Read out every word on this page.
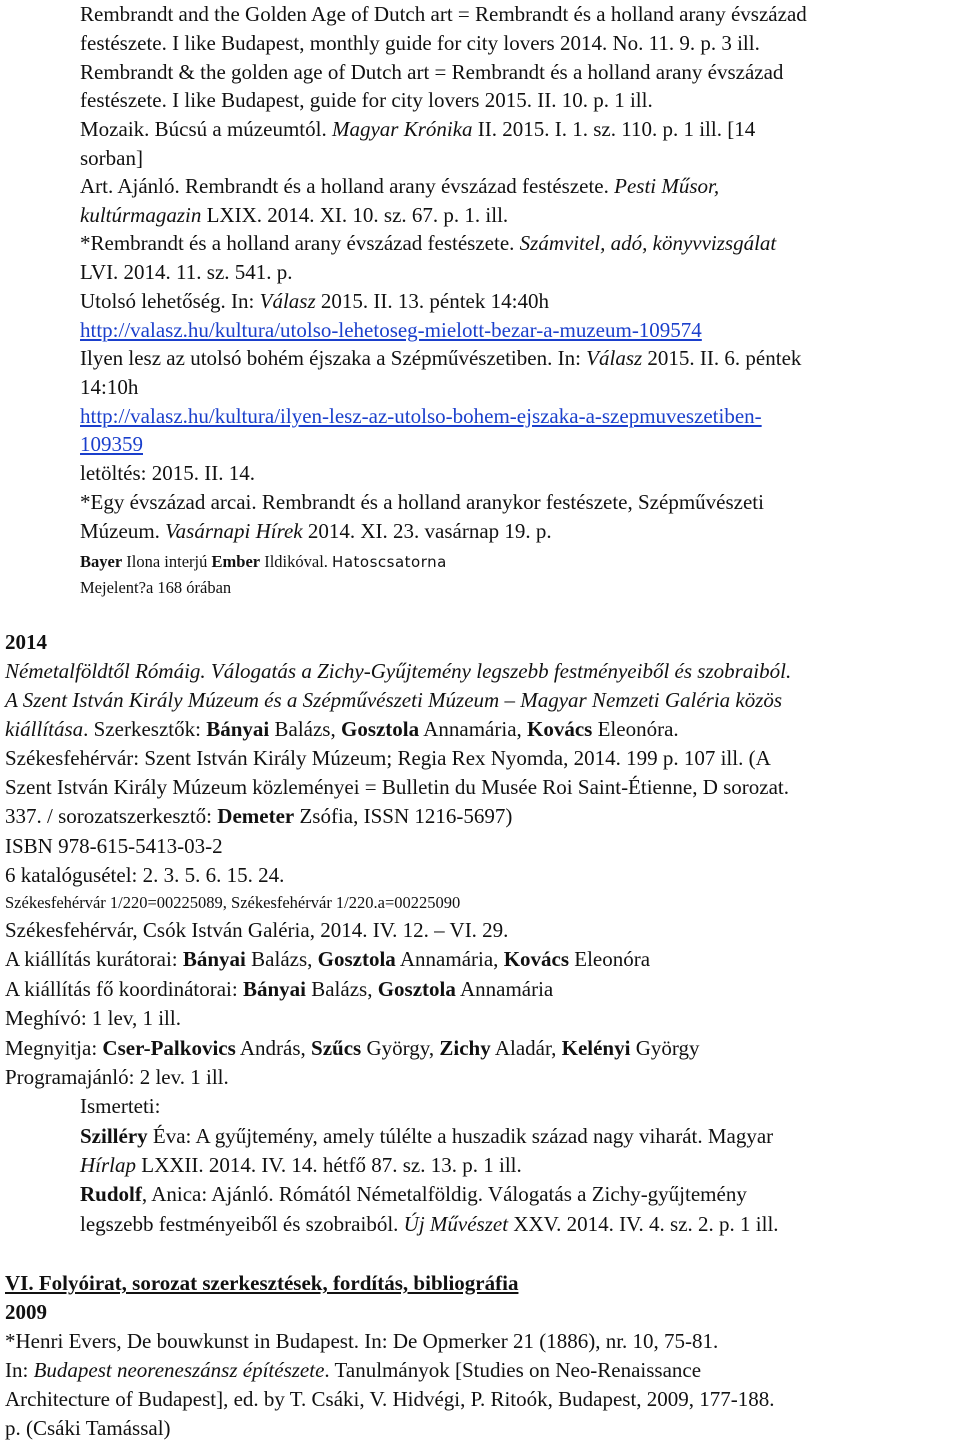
Rembrandt and the Golden Age of Dutch art = Rembrandt és a holland arany évszázad
festészete. I like Budapest, monthly guide for city lovers 2014. No. 11. 9. p. 3 ill.
Rembrandt & the golden age of Dutch art = Rembrandt és a holland arany évszázad
festészete. I like Budapest, guide for city lovers 2015. II. 10. p. 1 ill.
Mozaik. Búcsú a múzeumtól. Magyar Krónika II. 2015. I. 1. sz. 110. p. 1 ill. [14
sorban]
Art. Ajánló. Rembrandt és a holland arany évszázad festészete. Pesti Műsor,
kultúrmagazin LXIX. 2014. XI. 10. sz. 67. p. 1. ill.
*Rembrandt és a holland arany évszázad festészete. Számvitel, adó, könyvvizsgálat
LVI. 2014. 11. sz. 541. p.
Utolsó lehetőség. In: Válasz 2015. II. 13. péntek 14:40h
http://valasz.hu/kultura/utolso-lehetoseg-mielott-bezar-a-muzeum-109574
Ilyen lesz az utolsó bohém éjszaka a Szépművészetiben. In: Válasz 2015. II. 6. péntek
14:10h
http://valasz.hu/kultura/ilyen-lesz-az-utolso-bohem-ejszaka-a-szepmuveszetiben-
109359
letöltés: 2015. II. 14.
*Egy évszázad arcai. Rembrandt és a holland aranykor festészete, Szépművészeti
Múzeum. Vasárnapi Hírek 2014. XI. 23. vasárnap 19. p.
Bayer Ilona interjú Ember Ildikóval. Hatoscsatorna
Mejelent?a 168 órában
2014
Németalföldtől Rómáig. Válogatás a Zichy-Gyűjtemény legszebb festményeiből és szobraiból.
A Szent István Király Múzeum és a Szépművészeti Múzeum – Magyar Nemzeti Galéria közös
kiállítása. Szerkesztők: Bányai Balázs, Gosztola Annamária, Kovács Eleonóra.
Székesfehérvár: Szent István Király Múzeum; Regia Rex Nyomda, 2014. 199 p. 107 ill. (A
Szent István Király Múzeum közleményei = Bulletin du Musée Roi Saint-Étienne, D sorozat.
337. / sorozatszerkesztő: Demeter Zsófia, ISSN 1216-5697)
ISBN 978-615-5413-03-2
6 katalógusétel: 2. 3. 5. 6. 15. 24.
Székesfehérvár 1/220=00225089, Székesfehérvár 1/220.a=00225090
Székesfehérvár, Csók István Galéria, 2014. IV. 12. – VI. 29.
A kiállítás kurátorai: Bányai Balázs, Gosztola Annamária, Kovács Eleonóra
A kiállítás fő koordinátorai: Bányai Balázs, Gosztola Annamária
Meghívó: 1 lev, 1 ill.
Megnyitja: Cser-Palkovics András, Szűcs György, Zichy Aladár, Kelényi György
Programajánló: 2 lev. 1 ill.
Ismerteti:
Szilléry Éva: A gyűjtemény, amely túlélte a huszadik század nagy viharát. Magyar
Hírlap LXXII. 2014. IV. 14. hétfő 87. sz. 13. p. 1 ill.
Rudolf, Anica: Ajánló. Rómától Németalföldig. Válogatás a Zichy-gyűjtemény
legszebb festményeiből és szobraiból. Új Művészet XXV. 2014. IV. 4. sz. 2. p. 1 ill.
VI. Folyóirat, sorozat szerkesztések, fordítás, bibliográfia
2009
*Henri Evers, De bouwkunst in Budapest. In: De Opmerker 21 (1886), nr. 10, 75-81.
In: Budapest neoreneszánsz építészete. Tanulmányok [Studies on Neo-Renaissance
Architecture of Budapest], ed. by T. Csáki, V. Hidvégi, P. Ritoók, Budapest, 2009, 177-188.
p. (Csáki Tamással)
